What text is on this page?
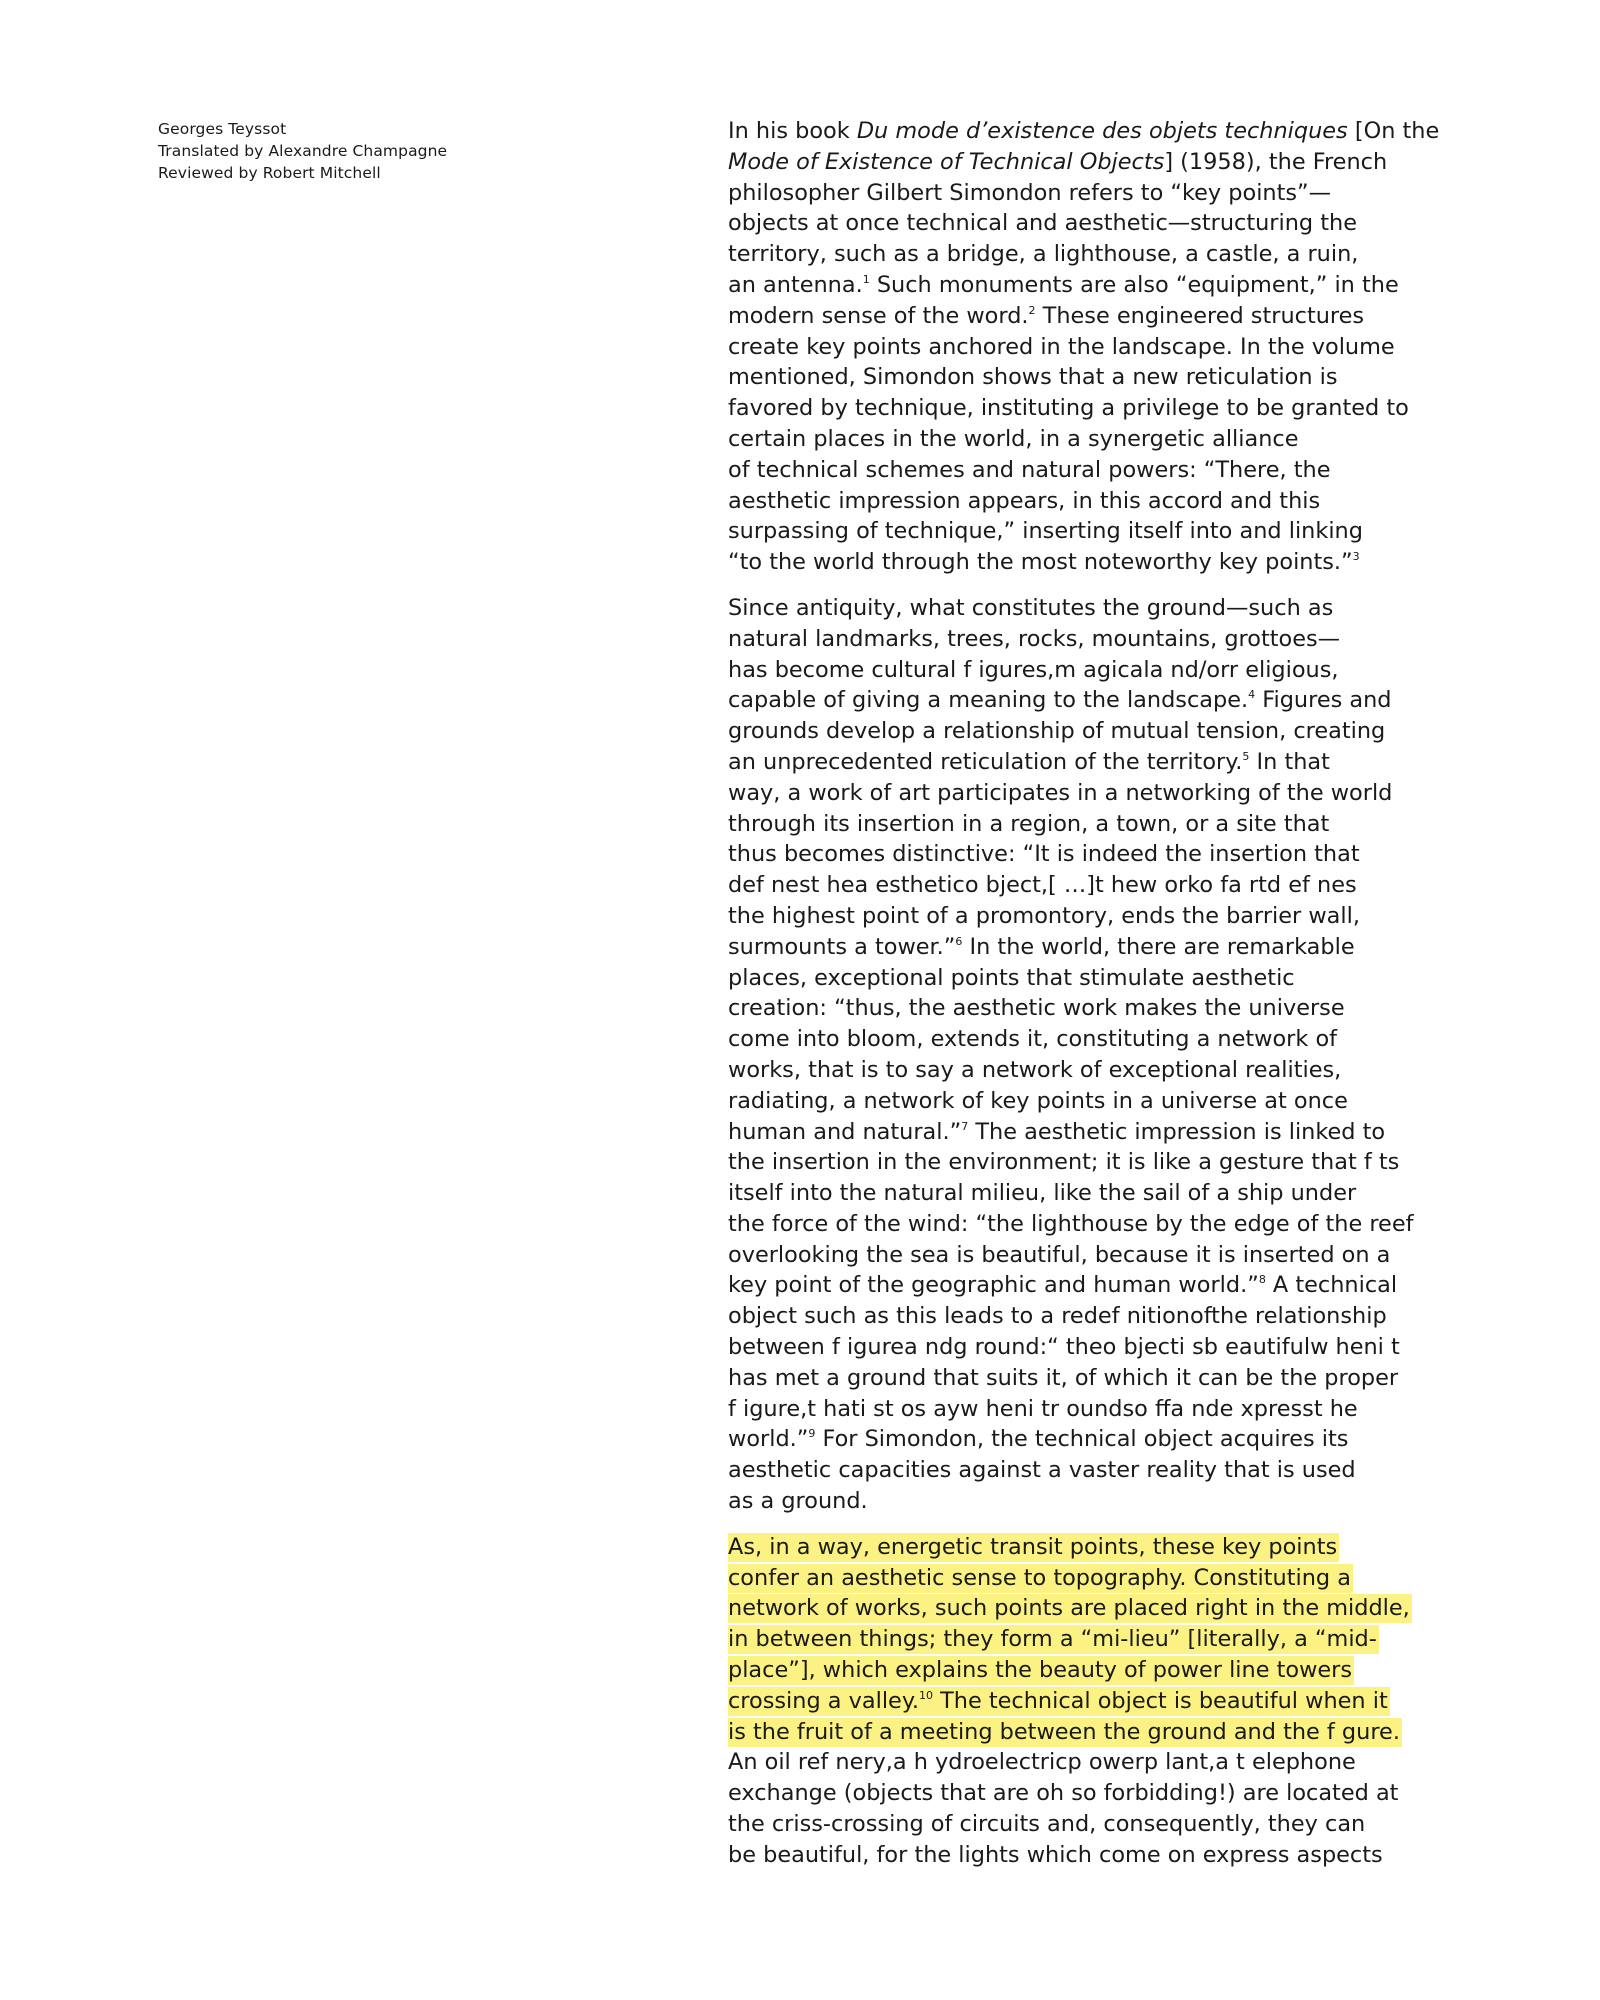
Georges Teyssot
Translated by Alexandre Champagne
Reviewed by Robert Mitchell
In his book Du mode d’existence des objets techniques [On the
Mode of Existence of Technical Objects] (1958), the French
philosopher Gilbert Simondon refers to “key points”—
objects at once technical and aesthetic—structuring the
territory, such as a bridge, a lighthouse, a castle, a ruin,
an antenna.$^1$ Such monuments are also “equipment,” in the
modern sense of the word.$^2$ These engineered structures
create key points anchored in the landscape. In the volume
mentioned, Simondon shows that a new reticulation is
favored by technique, instituting a privilege to be granted to
certain places in the world, in a synergetic alliance
of technical schemes and natural powers: “There, the
aesthetic impression appears, in this accord and this
surpassing of technique,” inserting itself into and linking
“to the world through the most noteworthy key points.”$^3$
Since antiquity, what constitutes the ground—such as
natural landmarks, trees, rocks, mountains, grottoes—
has become cultural f igures,m agicala nd/orr eligious,
capable of giving a meaning to the landscape.$^4$ Figures and
grounds develop a relationship of mutual tension, creating
an unprecedented reticulation of the territory.$^5$ In that
way, a work of art participates in a networking of the world
through its insertion in a region, a town, or a site that
thus becomes distinctive: “It is indeed the insertion that
def nest hea esthetico bject,[ …]t hew orko fa rtd ef nes
the highest point of a promontory, ends the barrier wall,
surmounts a tower.”$^6$ In the world, there are remarkable
places, exceptional points that stimulate aesthetic
creation: “thus, the aesthetic work makes the universe
come into bloom, extends it, constituting a network of
works, that is to say a network of exceptional realities,
radiating, a network of key points in a universe at once
human and natural.”$^7$ The aesthetic impression is linked to
the insertion in the environment; it is like a gesture that f ts
itself into the natural milieu, like the sail of a ship under
the force of the wind: “the lighthouse by the edge of the reef
overlooking the sea is beautiful, because it is inserted on a
key point of the geographic and human world.”$^8$ A technical
object such as this leads to a redef nitionofthe relationship
between f igurea ndg round:“ theo bjecti sb eautifulw heni t
has met a ground that suits it, of which it can be the proper
f igure,t hati st os ayw heni tr oundso ffa nde xpresst he
world.”$^9$ For Simondon, the technical object acquires its
aesthetic capacities against a vaster reality that is used
as a ground.
As, in a way, energetic transit points, these key points
confer an aesthetic sense to topography. Constituting a
network of works, such points are placed right in the middle,
in between things; they form a “mi-lieu” [literally, a “mid-
place”], which explains the beauty of power line towers
crossing a valley.$^{10}$ The technical object is beautiful when it
is the fruit of a meeting between the ground and the f gure.
An oil ref nery,a h ydroelectricp owerp lant,a t elephone
exchange (objects that are oh so forbidding!) are located at
the criss-crossing of circuits and, consequently, they can
be beautiful, for the lights which come on express aspects
